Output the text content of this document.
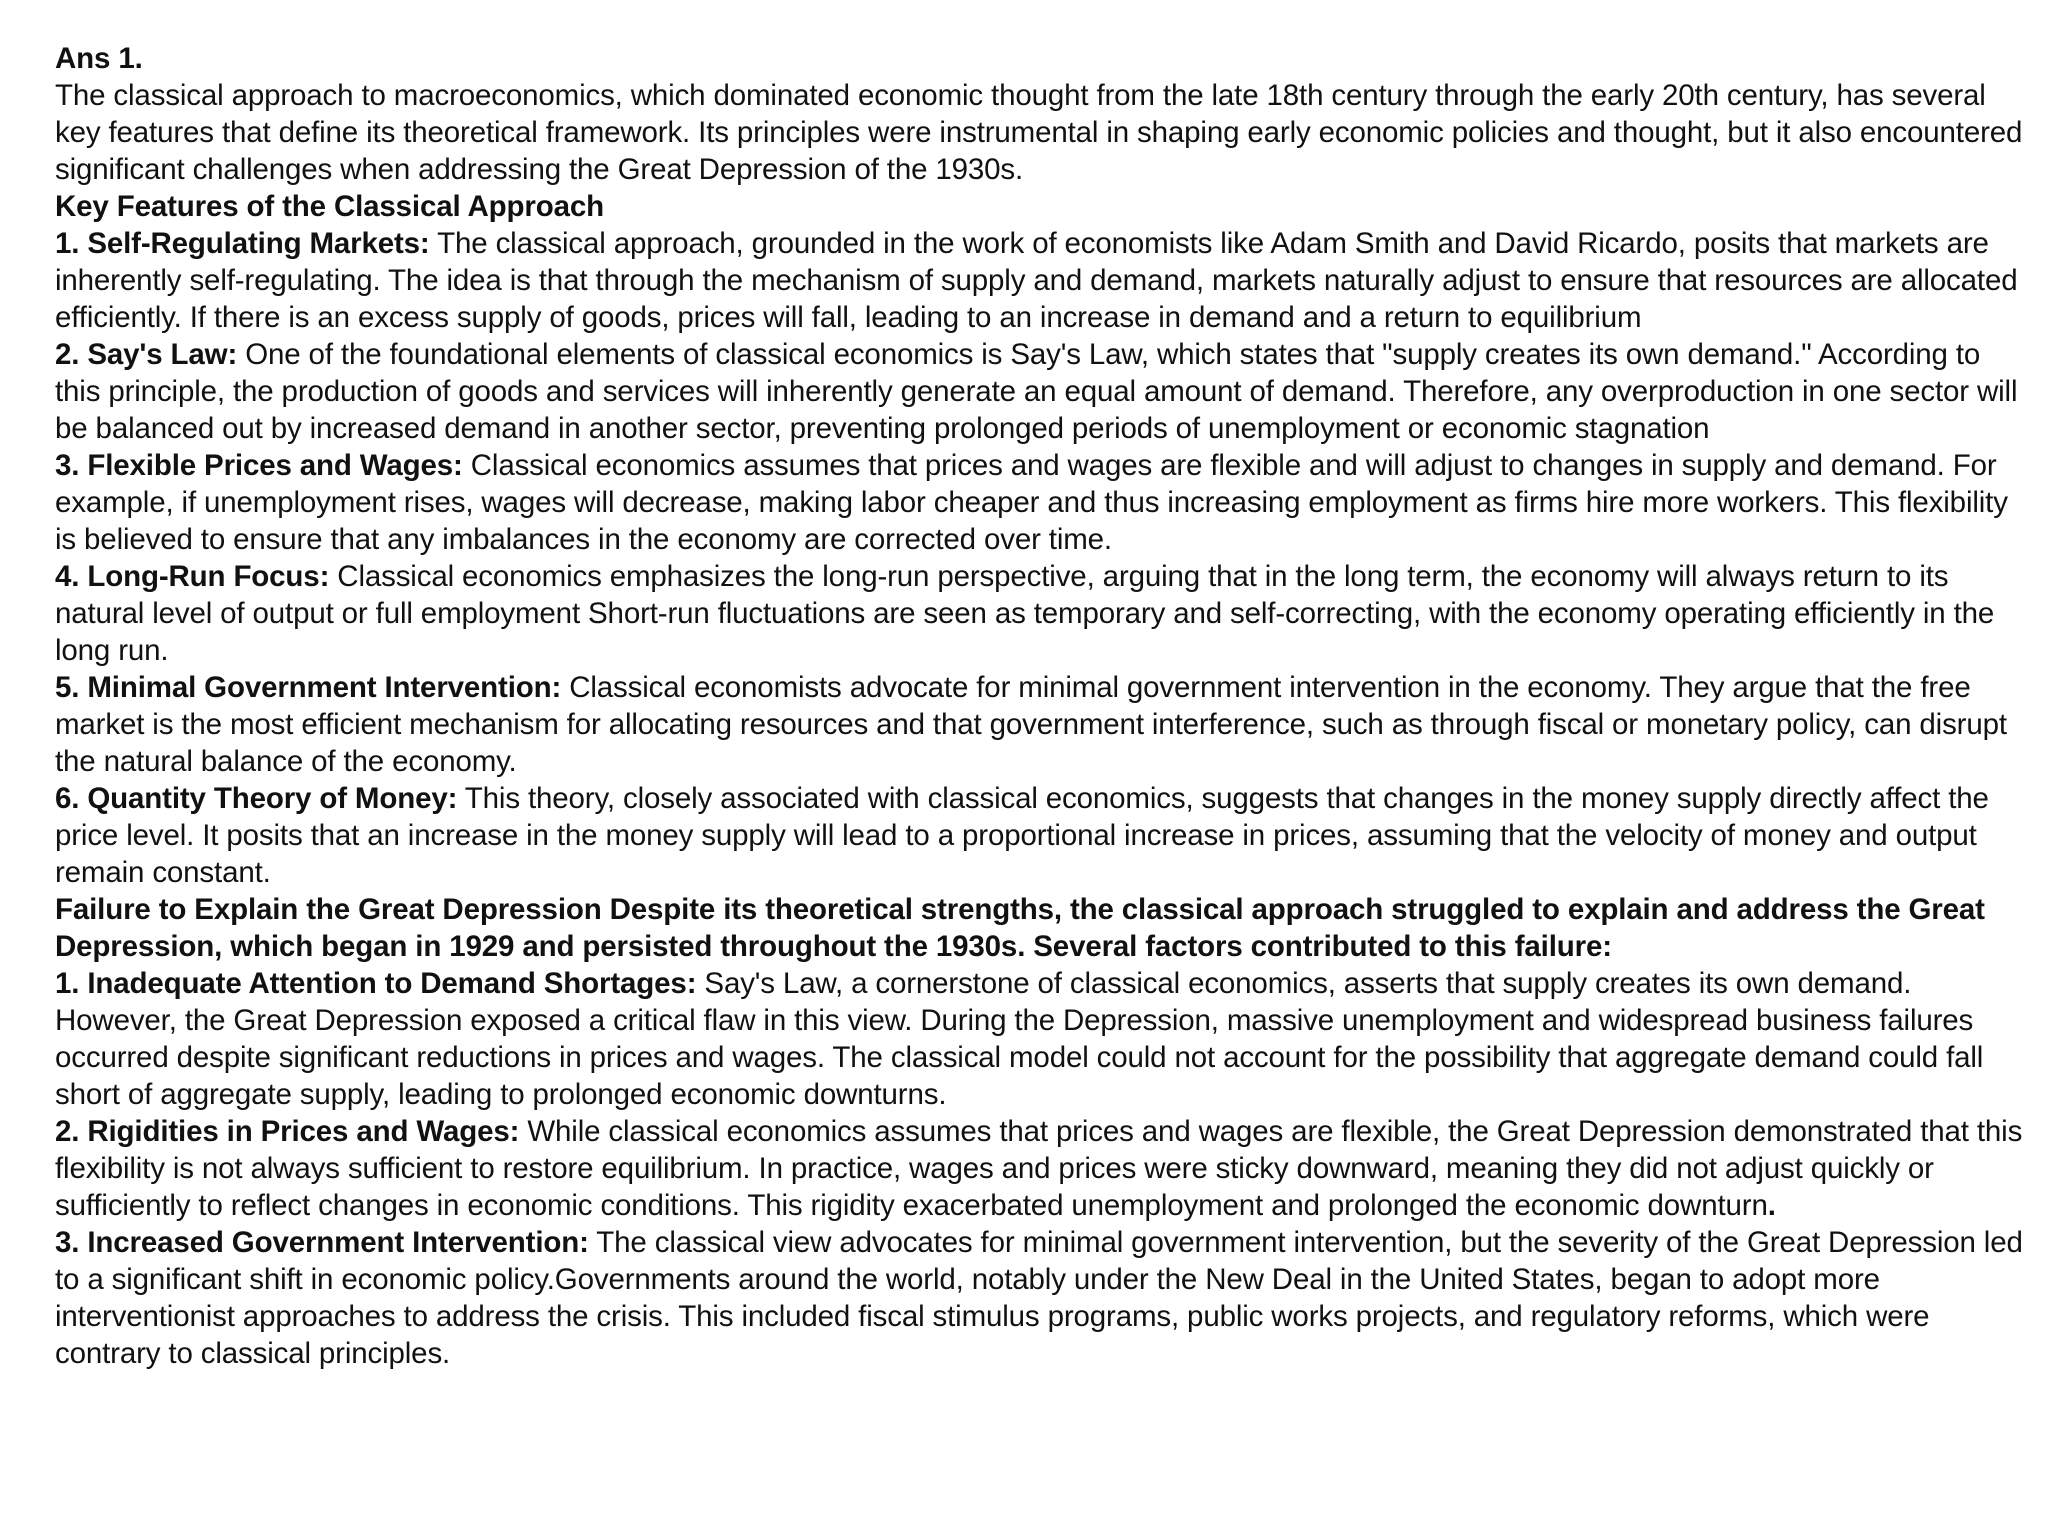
Ans 1.

The classical approach to macroeconomics, which dominated economic thought from the late 18th century through the early 20th century, has several key features that define its theoretical framework. Its principles were instrumental in shaping early economic policies and thought, but it also encountered significant challenges when addressing the Great Depression of the 1930s.

Key Features of the Classical Approach

1. Self-Regulating Markets: The classical approach, grounded in the work of economists like Adam Smith and David Ricardo, posits that markets are inherently self-regulating. The idea is that through the mechanism of supply and demand, markets naturally adjust to ensure that resources are allocated efficiently. If there is an excess supply of goods, prices will fall, leading to an increase in demand and a return to equilibrium

2. Say's Law: One of the foundational elements of classical economics is Say's Law, which states that "supply creates its own demand." According to this principle, the production of goods and services will inherently generate an equal amount of demand. Therefore, any overproduction in one sector will be balanced out by increased demand in another sector, preventing prolonged periods of unemployment or economic stagnation

3. Flexible Prices and Wages: Classical economics assumes that prices and wages are flexible and will adjust to changes in supply and demand. For example, if unemployment rises, wages will decrease, making labor cheaper and thus increasing employment as firms hire more workers. This flexibility is believed to ensure that any imbalances in the economy are corrected over time.

4. Long-Run Focus: Classical economics emphasizes the long-run perspective, arguing that in the long term, the economy will always return to its natural level of output or full employment Short-run fluctuations are seen as temporary and self-correcting, with the economy operating efficiently in the long run.

5. Minimal Government Intervention: Classical economists advocate for minimal government intervention in the economy. They argue that the free market is the most efficient mechanism for allocating resources and that government interference, such as through fiscal or monetary policy, can disrupt the natural balance of the economy.

6. Quantity Theory of Money: This theory, closely associated with classical economics, suggests that changes in the money supply directly affect the price level. It posits that an increase in the money supply will lead to a proportional increase in prices, assuming that the velocity of money and output remain constant.

Failure to Explain the Great Depression Despite its theoretical strengths, the classical approach struggled to explain and address the Great Depression, which began in 1929 and persisted throughout the 1930s. Several factors contributed to this failure:

1. Inadequate Attention to Demand Shortages: Say's Law, a cornerstone of classical economics, asserts that supply creates its own demand. However, the Great Depression exposed a critical flaw in this view. During the Depression, massive unemployment and widespread business failures occurred despite significant reductions in prices and wages. The classical model could not account for the possibility that aggregate demand could fall short of aggregate supply, leading to prolonged economic downturns.

2. Rigidities in Prices and Wages: While classical economics assumes that prices and wages are flexible, the Great Depression demonstrated that this flexibility is not always sufficient to restore equilibrium. In practice, wages and prices were sticky downward, meaning they did not adjust quickly or sufficiently to reflect changes in economic conditions. This rigidity exacerbated unemployment and prolonged the economic downturn.

3. Increased Government Intervention: The classical view advocates for minimal government intervention, but the severity of the Great Depression led to a significant shift in economic policy.Governments around the world, notably under the New Deal in the United States, began to adopt more interventionist approaches to address the crisis. This included fiscal stimulus programs, public works projects, and regulatory reforms, which were contrary to classical principles.
